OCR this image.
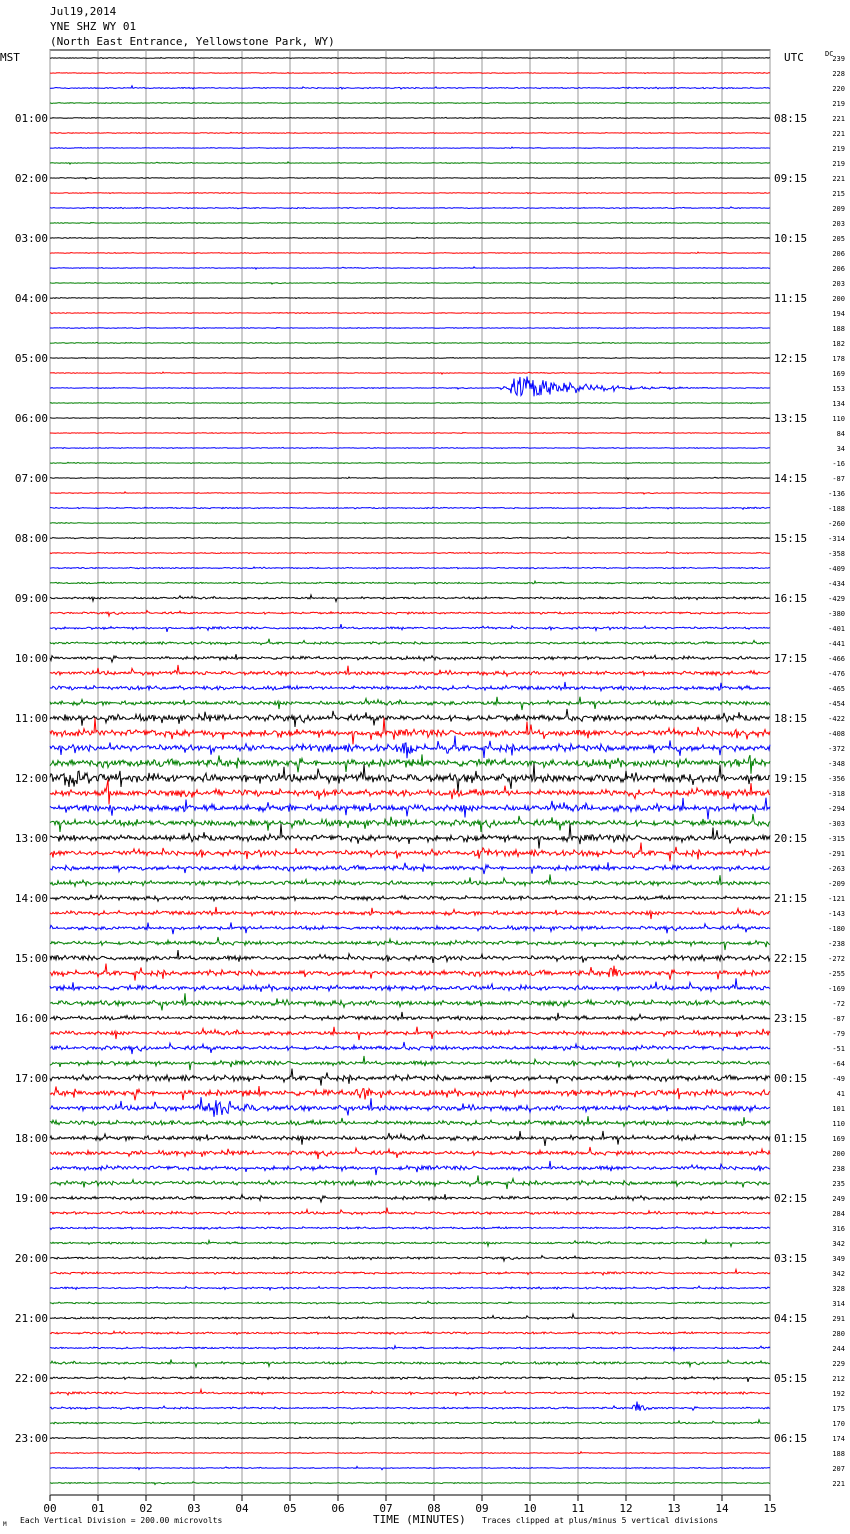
Jul19,2014
YNE SHZ WY 01
(North East Entrance, Yellowstone Park, WY)
MST	UTC	DC
00	01	02	03	04	05	06	07	08	09	10	11	12	13	14	15
239
228
220
219
221
221
219
219
221
215
209
203
205
206
206
203
200
194
188
182
178
169
153
134
110
84
34
-16
-87
-136
-188
-260
-314
-358
-409
-434
-429
-380
-401
-441
-466
-476
-465
-454
-422
-408
-372
-348
-356
-318
-294
-303
-315
-291
-263
-209
-121
-143
-180
-238
-272
-255
-169
-72
-87
-79
-51
-64
-49
41
101
110
169
200
238
235
249
284
316
342
349
342
328
314
291
280
244
229
212
192
175
170
174
188
207
221
01:00	08:15
02:00	09:15
03:00	10:15
04:00	11:15
05:00	12:15
06:00	13:15
07:00	14:15
08:00	15:15
09:00	16:15
10:00	17:15
11:00	18:15
12:00	19:15
13:00	20:15
14:00	21:15
15:00	22:15
16:00	23:15
17:00	00:15
18:00	01:15
19:00	02:15
20:00	03:15
21:00	04:15
22:00	05:15
23:00	06:15
M Each Vertical Division = 200.00 microvolts	TIME (MINUTES) Traces clipped at plus/minus 5 vertical divisions
